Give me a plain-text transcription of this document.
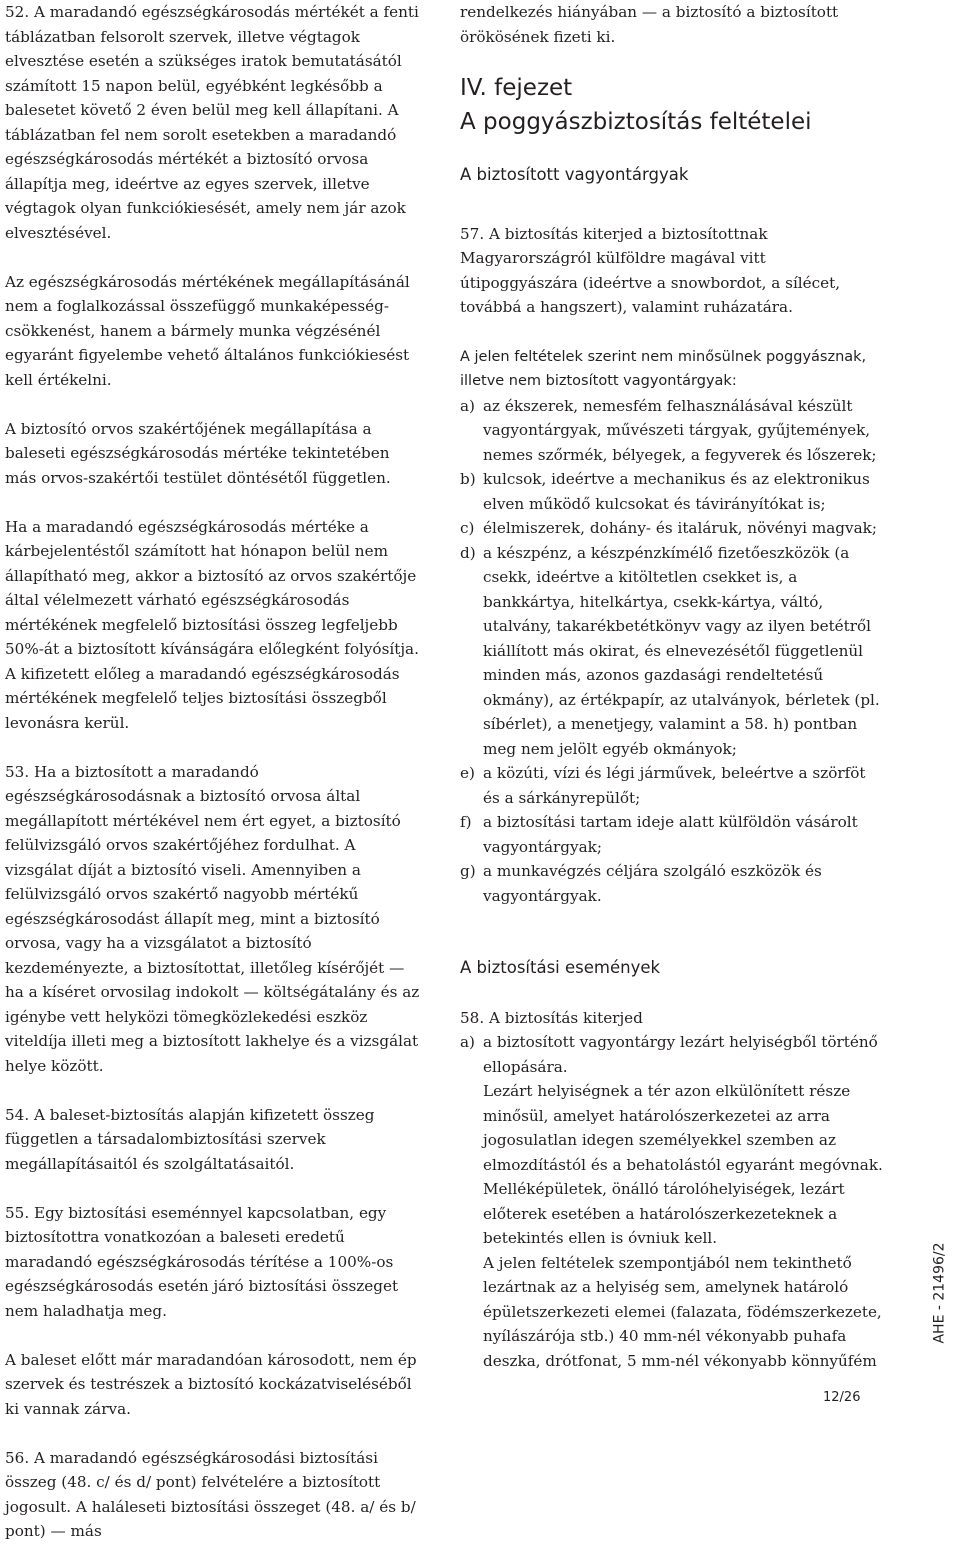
52. A maradandó egészségkárosodás mértékét a fenti táblázatban felsorolt szervek, illetve végtagok elvesztése esetén a szükséges iratok bemutatásától számított 15 napon belül, egyébként legkésőbb a balesetet követő 2 éven belül meg kell állapítani. A táblázatban fel nem sorolt esetekben a maradandó egészségkárosodás mértékét a biztosító orvosa állapítja meg, ideértve az egyes szervek, illetve végtagok olyan funkciókiesését, amely nem jár azok elvesztésével.

Az egészségkárosodás mértékének megállapításánál nem a foglalkozással összefüggő munkaképesség-csökkenést, hanem a bármely munka végzésénél egyaránt figyelembe vehető általános funkciókiesést kell értékelni.

A biztosító orvos szakértőjének megállapítása a baleseti egészségkárosodás mértéke tekintetében más orvos-szakértői testület döntésétől független.

Ha a maradandó egészségkárosodás mértéke a kárbejelentéstől számított hat hónapon belül nem állapítható meg, akkor a biztosító az orvos szakértője által vélelmezett várható egészségkárosodás mértékének megfelelő biztosítási összeg legfeljebb 50%-át a biztosított kívánságára előlegként folyósítja. A kifizetett előleg a maradandó egészségkárosodás mértékének megfelelő teljes biztosítási összegből levonásra kerül.

53. Ha a biztosított a maradandó egészségkárosodásnak a biztosító orvosa által megállapított mértékével nem ért egyet, a biztosító felülvizsgáló orvos szakértőjéhez fordulhat. A vizsgálat díját a biztosító viseli. Amennyiben a felülvizsgáló orvos szakértő nagyobb mértékű egészségkárosodást állapít meg, mint a biztosító orvosa, vagy ha a vizsgálatot a biztosító kezdeményezte, a biztosítottat, illetőleg kísérőjét — ha a kíséret orvosilag indokolt — költségátalány és az igénybe vett helyközi tömegközlekedési eszköz viteldíja illeti meg a biztosított lakhelye és a vizsgálat helye között.

54. A baleset-biztosítás alapján kifizetett összeg független a társadalombiztosítási szervek megállapításaitól és szolgáltatásaitól.

55. Egy biztosítási eseménnyel kapcsolatban, egy biztosítottra vonatkozóan a baleseti eredetű maradandó egészségkárosodás térítése a 100%-os egészségkárosodás esetén járó biztosítási összeget nem haladhatja meg.

A baleset előtt már maradandóan károsodott, nem ép szervek és testrészek a biztosító kockázatviseléséből ki vannak zárva.

56. A maradandó egészségkárosodási biztosítási összeg (48. c/ és d/ pont) felvételére a biztosított jogosult. A haláleseti biztosítási összeget (48. a/ és b/ pont) — más

rendelkezés hiányában — a biztosító a biztosított örökösének fizeti ki.

IV. fejezet
A poggyászbiztosítás feltételei
A biztosított vagyontárgyak

57. A biztosítás kiterjed a biztosítottnak Magyarországról külföldre magával vitt útipoggyászára (ideértve a snowbordot, a sílécet, továbbá a hangszert), valamint ruházatára.

A jelen feltételek szerint nem minősülnek poggyásznak,
illetve nem biztosított vagyontárgyak:
a) az ékszerek, nemesfém felhasználásával készült vagyontárgyak, művészeti tárgyak, gyűjtemények, nemes szőrmék, bélyegek, a fegyverek és lőszerek;
b) kulcsok, ideértve a mechanikus és az elektronikus elven működő kulcsokat és távirányítókat is;
c) élelmiszerek, dohány- és italáruk, növényi magvak;
d) a készpénz, a készpénzkímélő fizetőeszközök (a csekk, ideértve a kitöltetlen csekket is, a bankkártya, hitelkártya, csekk-kártya, váltó, utalvány, takarékbetétkönyv vagy az ilyen betétről kiállított más okirat, és elnevezésétől függetlenül minden más, azonos gazdasági rendeltetésű okmány), az értékpapír, az utalványok, bérletek (pl. síbérlet), a menetjegy, valamint a 58. h) pontban meg nem jelölt egyéb okmányok;
e) a közúti, vízi és légi járművek, beleértve a szörföt és a sárkányrepülőt;
f) a biztosítási tartam ideje alatt külföldön vásárolt vagyontárgyak;
g) a munkavégzés céljára szolgáló eszközök és vagyontárgyak.
A biztosítási események

58. A biztosítás kiterjed

a) a biztosított vagyontárgy lezárt helyiségből történő ellopására.

Lezárt helyiségnek a tér azon elkülönített része minősül, amelyet határolószerkezetei az arra jogosulatlan idegen személyekkel szemben az elmozdítástól és a behatolástól egyaránt megóvnak.

Melléképületek, önálló tárolóhelyiségek, lezárt előterek esetében a határolószerkezeteknek a betekintés ellen is óvniuk kell.

A jelen feltételek szempontjából nem tekinthető lezártnak az a helyiség sem, amelynek határoló épületszerkezeti elemei (falazata, födémszerkezete, nyílászárója stb.) 40 mm-nél vékonyabb puhafa deszka, drótfonat, 5 mm-nél vékonyabb könnyűfém

AHE - 21496/2
12/26
